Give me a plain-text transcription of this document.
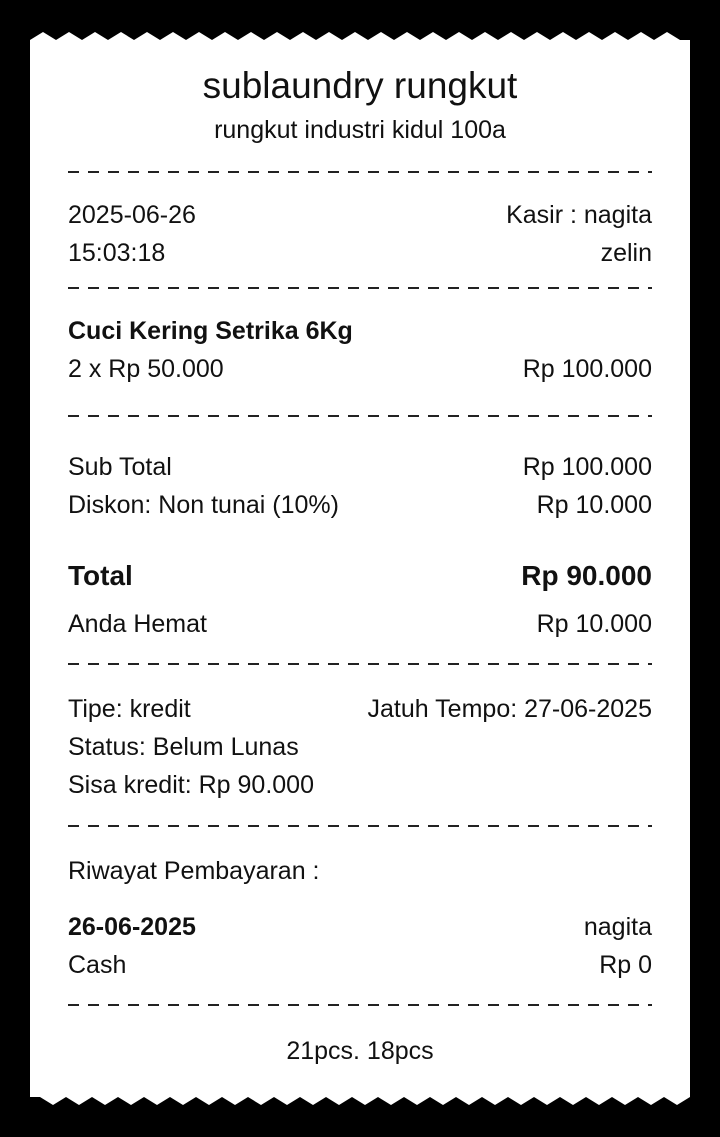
sublaundry rungkut
rungkut industri kidul 100a
2025-06-26	Kasir : nagita
15:03:18	zelin
Cuci Kering Setrika 6Kg
2 x Rp 50.000	Rp 100.000
Sub Total	Rp 100.000
Diskon: Non tunai (10%)	Rp 10.000
Total	Rp 90.000
Anda Hemat	Rp 10.000
Tipe: kredit	Jatuh Tempo: 27-06-2025
Status: Belum Lunas
Sisa kredit: Rp 90.000
Riwayat Pembayaran :
26-06-2025	nagita
Cash	Rp 0
21pcs. 18pcs
